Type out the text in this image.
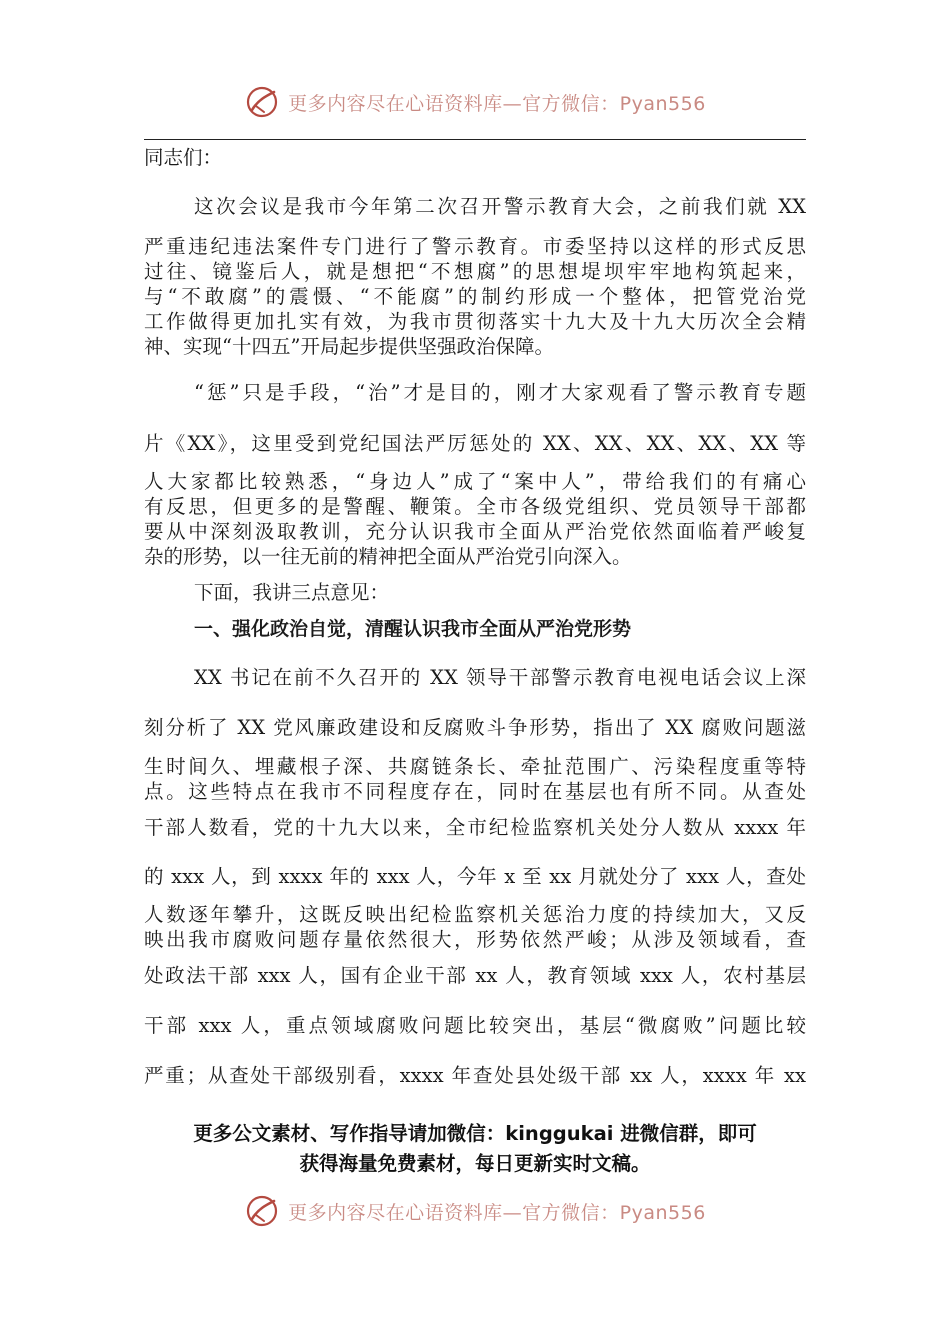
更多内容尽在心语资料库—官方微信：Pyan556
同志们：
这次会议是我市今年第二次召开警示教育大会，之前我们就 XX
严重违纪违法案件专门进行了警示教育。市委坚持以这样的形式反思
过往、镜鉴后人，就是想把“不想腐”的思想堤坝牢牢地构筑起来，
与“不敢腐”的震慑、“不能腐”的制约形成一个整体，把管党治党
工作做得更加扎实有效，为我市贯彻落实十九大及十九大历次全会精
神、实现“十四五”开局起步提供坚强政治保障。
“惩”只是手段，“治”才是目的，刚才大家观看了警示教育专题
片《XX》，这里受到党纪国法严厉惩处的 XX、XX、XX、XX、XX 等
人大家都比较熟悉，“身边人”成了“案中人”，带给我们的有痛心
有反思，但更多的是警醒、鞭策。全市各级党组织、党员领导干部都
要从中深刻汲取教训，充分认识我市全面从严治党依然面临着严峻复
杂的形势，以一往无前的精神把全面从严治党引向深入。
下面，我讲三点意见：
一、强化政治自觉，清醒认识我市全面从严治党形势
XX 书记在前不久召开的 XX 领导干部警示教育电视电话会议上深
刻分析了 XX 党风廉政建设和反腐败斗争形势，指出了 XX 腐败问题滋
生时间久、埋藏根子深、共腐链条长、牵扯范围广、污染程度重等特
点。这些特点在我市不同程度存在，同时在基层也有所不同。从查处
干部人数看，党的十九大以来，全市纪检监察机关处分人数从 xxxx 年
的 xxx 人，到 xxxx 年的 xxx 人，今年 x 至 xx 月就处分了 xxx 人，查处
人数逐年攀升，这既反映出纪检监察机关惩治力度的持续加大，又反
映出我市腐败问题存量依然很大，形势依然严峻；从涉及领域看，查
处政法干部 xxx 人，国有企业干部 xx 人，教育领域 xxx 人，农村基层
干部 xxx 人，重点领域腐败问题比较突出，基层“微腐败”问题比较
严重；从查处干部级别看，xxxx 年查处县处级干部 xx 人，xxxx 年 xx
更多公文素材、写作指导请加微信：kinggukai 进微信群，即可
获得海量免费素材，每日更新实时文稿。
更多内容尽在心语资料库—官方微信：Pyan556
